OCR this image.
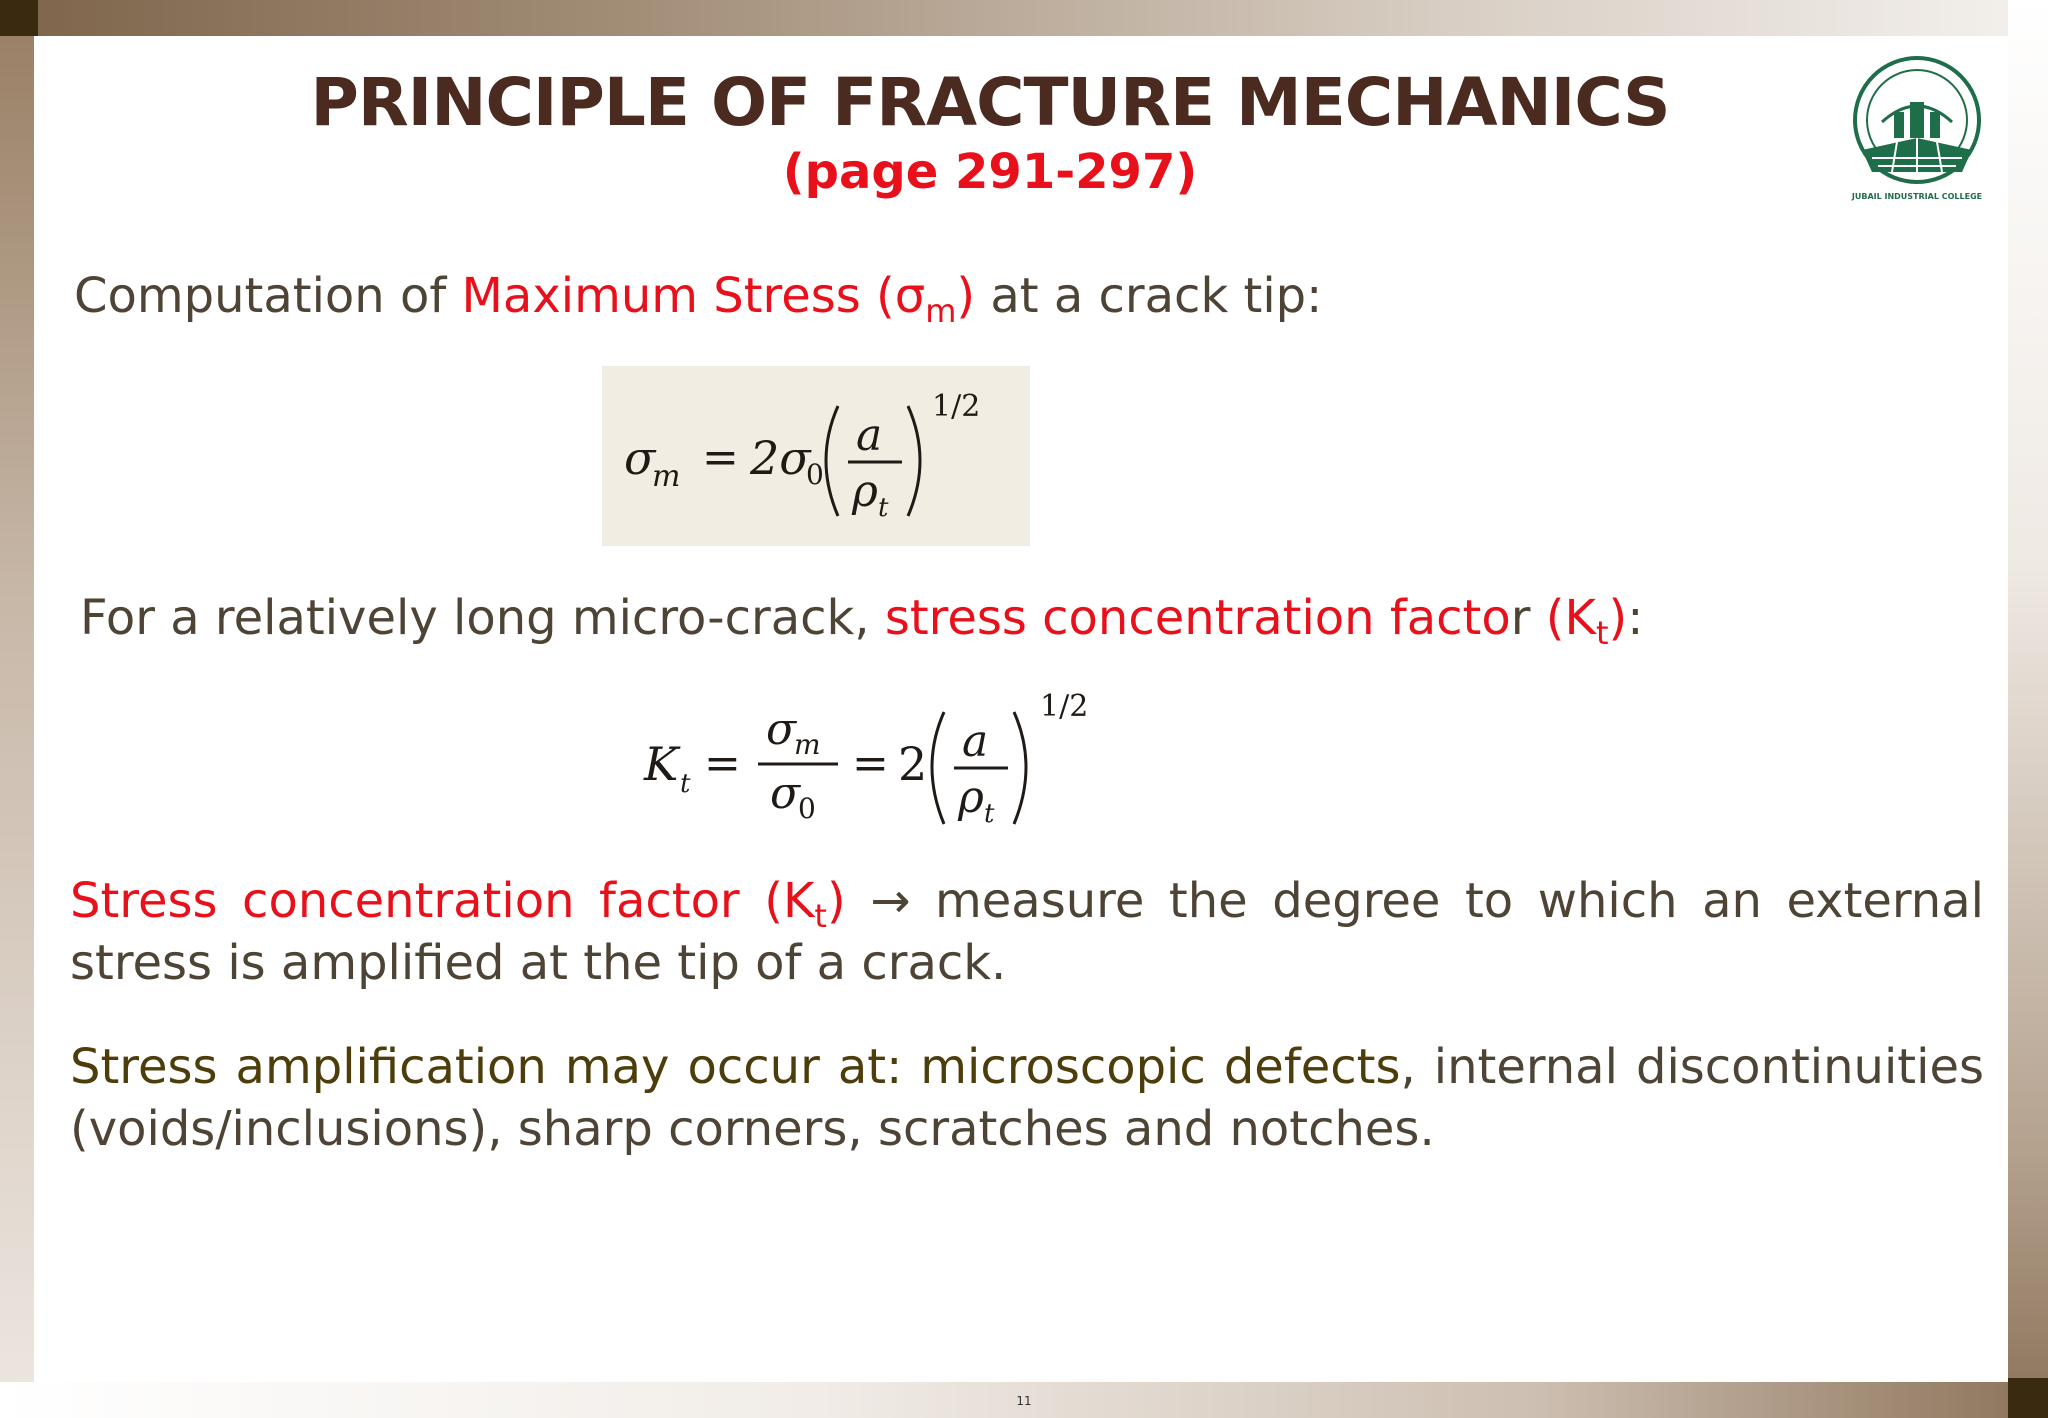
PRINCIPLE OF FRACTURE MECHANICS
(page 291-297)	JUBAIL INDUSTRIAL COLLEGE
Computation of Maximum Stress $(\sigma_m)$ at a crack tip:
σ
m = 2σ
0
a
ρ t
1/2
For a relatively long micro-crack, stress concentration factor $(K_t)$:
K t =
σ
m
σ
0
= 2 a
ρ t
1/2
Stress concentration factor $(K_t)$ → measure the degree to which an external stress is amplified at the tip of a crack.
Stress amplification may occur at: microscopic defects, internal discontinuities (voids/inclusions), sharp corners, scratches and notches.
11
